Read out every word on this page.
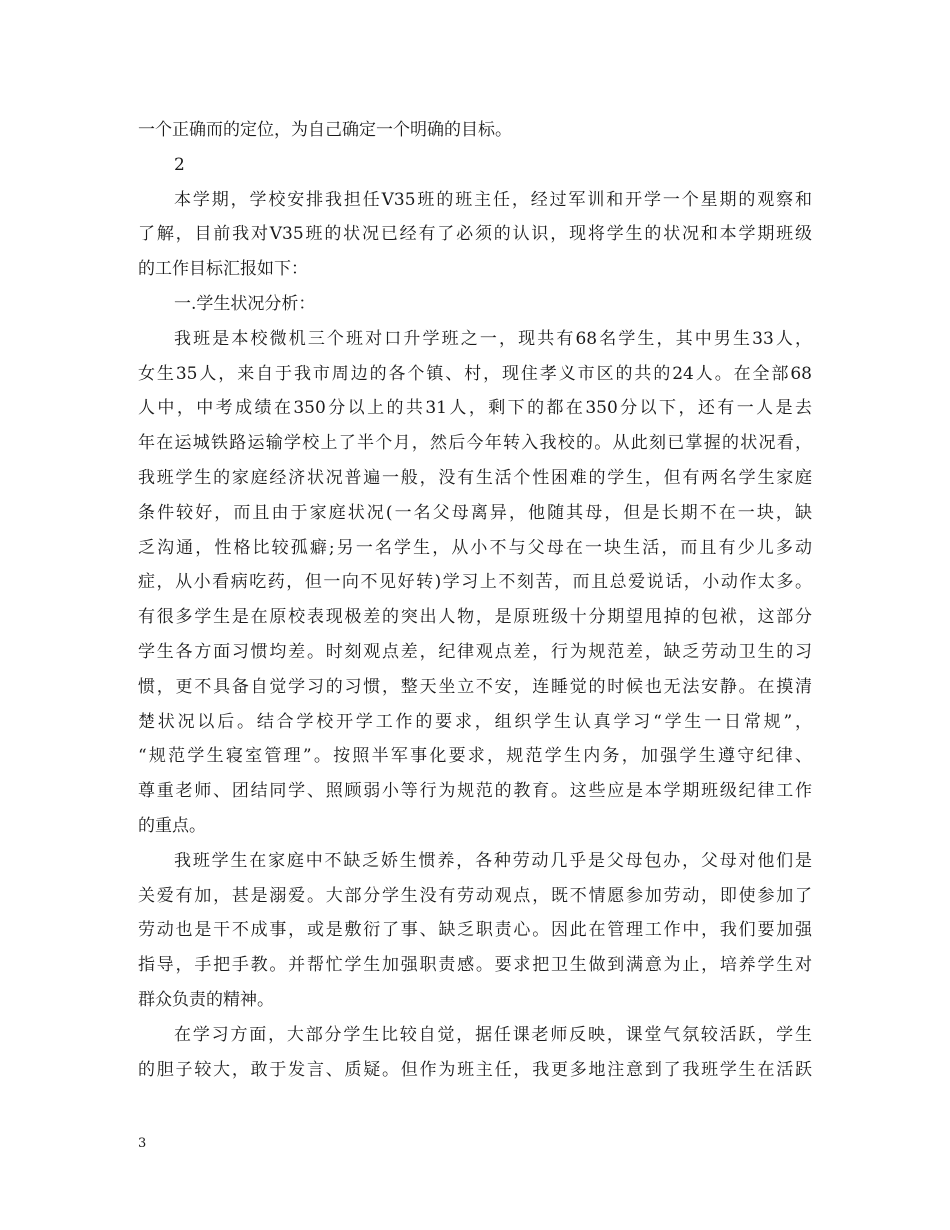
一个正确而的定位，为自己确定一个明确的目标。
2
本学期，学校安排我担任V35班的班主任，经过军训和开学一个星期的观察和
了解，目前我对V35班的状况已经有了必须的认识，现将学生的状况和本学期班级
的工作目标汇报如下：
一.学生状况分析：
我班是本校微机三个班对口升学班之一，现共有68名学生，其中男生33人，
女生35人，来自于我市周边的各个镇、村，现住孝义市区的共的24人。在全部68
人中，中考成绩在350分以上的共31人，剩下的都在350分以下，还有一人是去
年在运城铁路运输学校上了半个月，然后今年转入我校的。从此刻已掌握的状况看，
我班学生的家庭经济状况普遍一般，没有生活个性困难的学生，但有两名学生家庭
条件较好，而且由于家庭状况(一名父母离异，他随其母，但是长期不在一块，缺
乏沟通，性格比较孤癖;另一名学生，从小不与父母在一块生活，而且有少儿多动
症，从小看病吃药，但一向不见好转)学习上不刻苦，而且总爱说话，小动作太多。
有很多学生是在原校表现极差的突出人物，是原班级十分期望甩掉的包袱，这部分
学生各方面习惯均差。时刻观点差，纪律观点差，行为规范差，缺乏劳动卫生的习
惯，更不具备自觉学习的习惯，整天坐立不安，连睡觉的时候也无法安静。在摸清
楚状况以后。结合学校开学工作的要求，组织学生认真学习“学生一日常规”，
“规范学生寝室管理”。按照半军事化要求，规范学生内务，加强学生遵守纪律、
尊重老师、团结同学、照顾弱小等行为规范的教育。这些应是本学期班级纪律工作
的重点。
我班学生在家庭中不缺乏娇生惯养，各种劳动几乎是父母包办，父母对他们是
关爱有加，甚是溺爱。大部分学生没有劳动观点，既不情愿参加劳动，即使参加了
劳动也是干不成事，或是敷衍了事、缺乏职责心。因此在管理工作中，我们要加强
指导，手把手教。并帮忙学生加强职责感。要求把卫生做到满意为止，培养学生对
群众负责的精神。
在学习方面，大部分学生比较自觉，据任课老师反映，课堂气氛较活跃，学生
的胆子较大，敢于发言、质疑。但作为班主任，我更多地注意到了我班学生在活跃
3
